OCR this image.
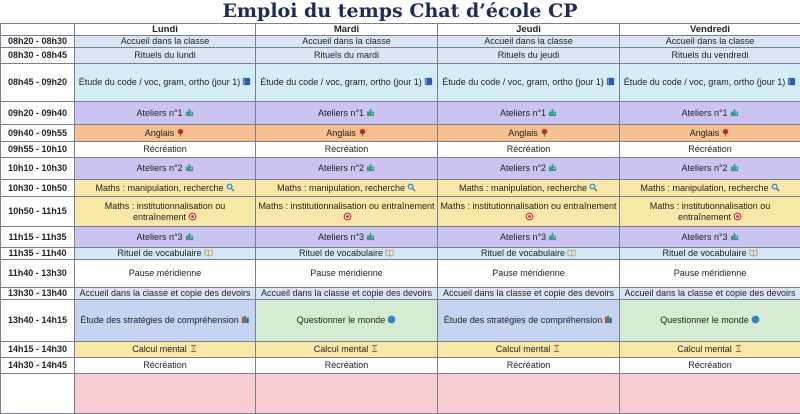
Emploi du temps Chat d’école CP
	Lundi	Mardi	Jeudi	Vendredi
08h20 - 08h30	Accueil dans la classe	Accueil dans la classe	Accueil dans la classe	Accueil dans la classe
08h30 - 08h45	Rituels du lundi	Rituels du mardi	Rituels du jeudi	Rituels du vendredi
08h45 - 09h20	Étude du code / voc, gram, ortho (jour 1)	Étude du code / voc, gram, ortho (jour 1)	Étude du code / voc, gram, ortho (jour 1)	Étude du code / voc, gram, ortho (jour 1)
09h20 - 09h40	Ateliers n°1	Ateliers n°1	Ateliers n°1	Ateliers n°1
09h40 - 09h55	Anglais	Anglais	Anglais	Anglais
09h55 - 10h10	Récréation	Récréation	Récréation	Récréation
10h10 - 10h30	Ateliers n°2	Ateliers n°2	Ateliers n°2	Ateliers n°2
10h30 - 10h50	Maths : manipulation, recherche	Maths : manipulation, recherche	Maths : manipulation, recherche	Maths : manipulation, recherche
10h50 - 11h15	Maths : institutionnalisation ou entraînement	Maths : institutionnalisation ou entraînement	Maths : institutionnalisation ou entraînement	Maths : institutionnalisation ou entraînement
11h15 - 11h35	Ateliers n°3	Ateliers n°3	Ateliers n°3	Ateliers n°3
11h35 - 11h40	Rituel de vocabulaire	Rituel de vocabulaire	Rituel de vocabulaire	Rituel de vocabulaire
11h40 - 13h30	Pause méridienne	Pause méridienne	Pause méridienne	Pause méridienne
13h30 - 13h40	Accueil dans la classe et copie des devoirs	Accueil dans la classe et copie des devoirs	Accueil dans la classe et copie des devoirs	Accueil dans la classe et copie des devoirs
13h40 - 14h15	Étude des stratégies de compréhension	Questionner le monde	Étude des stratégies de compréhension	Questionner le monde
14h15 - 14h30	Calcul mental	Calcul mental	Calcul mental	Calcul mental
14h30 - 14h45	Récréation	Récréation	Récréation	Récréation
